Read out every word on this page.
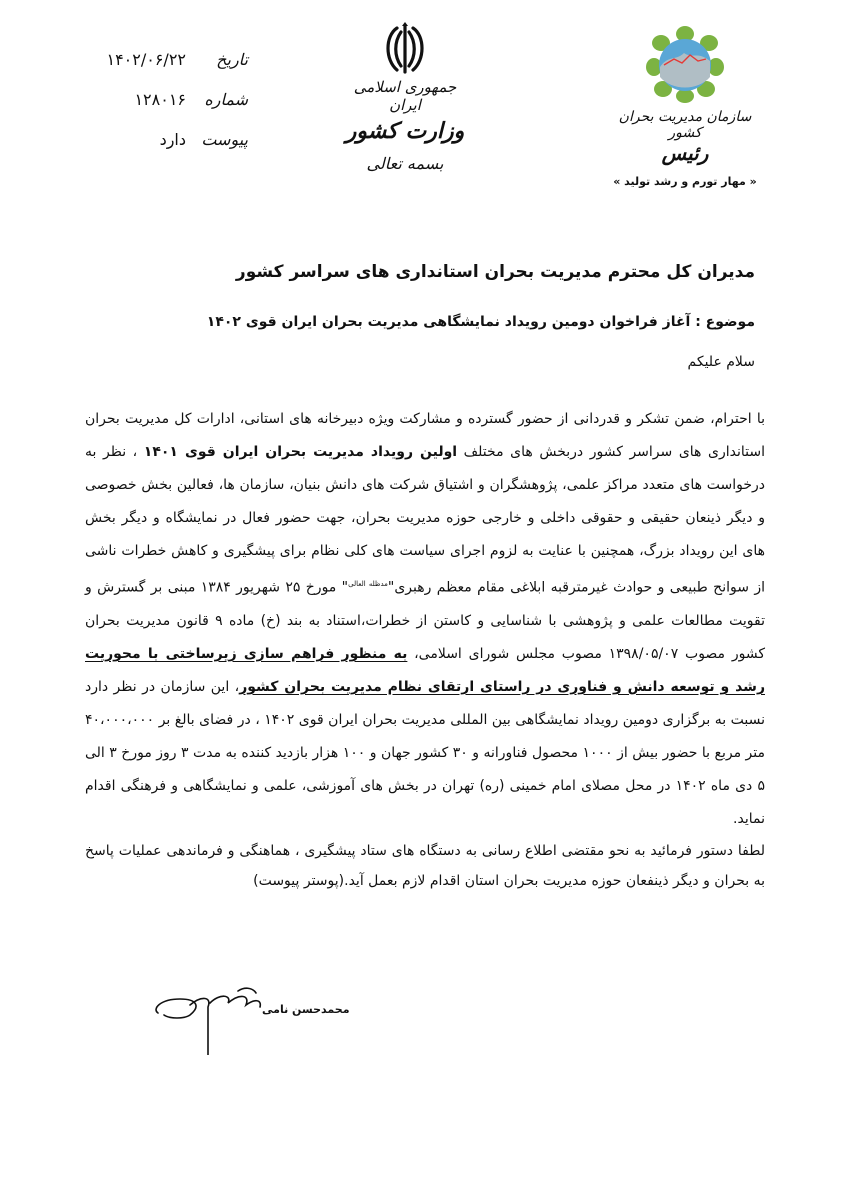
تاریخ
۱۴۰۲/۰۶/۲۲
شماره
۱۲۸۰۱۶
پیوست
دارد
جمهوری اسلامی ایران
وزارت کشور
بسمه تعالی
سازمان مدیریت بحران کشور
رئیس
« مهار تورم و رشد تولید »
مدیران کل محترم مدیریت بحران استانداری های سراسر کشور
موضوع : آغاز فراخوان دومین رویداد نمایشگاهی مدیریت بحران ایران قوی ۱۴۰۲
سلام علیکم
با احترام، ضمن تشکر و قدردانی از حضور گسترده و مشارکت ویژه دبیرخانه های استانی، ادارات کل مدیریت بحران استانداری های سراسر کشور دربخش های مختلف اولین رویداد مدیریت بحران ایران قوی ۱۴۰۱ ، نظر به درخواست های متعدد مراکز علمی، پژوهشگران و اشتیاق شرکت های دانش بنیان، سازمان ها، فعالین بخش خصوصی و دیگر ذینعان حقیقی و حقوقی داخلی و خارجی حوزه مدیریت بحران، جهت حضور فعال در نمایشگاه و دیگر بخش های این رویداد بزرگ، همچنین با عنایت به لزوم اجرای سیاست های کلی نظام برای پیشگیری و کاهش خطرات ناشی از سوانح طبیعی و حوادث غیرمترقبه ابلاغی مقام معظم رهبری"$^{مدظله العالی}$" مورخ ۲۵ شهریور ۱۳۸۴ مبنی بر گسترش و تقویت مطالعات علمی و پژوهشی با شناسایی و کاستن از خطرات،استناد به بند (خ) ماده ۹ قانون مدیریت بحران کشور مصوب ۱۳۹۸/۰۵/۰۷ مصوب مجلس شورای اسلامی، به منظور فراهم سازی زیرساختی با محوریت رشد و توسعه دانش و فناوری در راستای ارتقای نظام مدیریت بحران کشور، این سازمان در نظر دارد نسبت به برگزاری دومین رویداد نمایشگاهی بین المللی مدیریت بحران ایران قوی ۱۴۰۲ ، در فضای بالغ بر ۴۰،۰۰۰،۰۰۰ متر مربع با حضور بیش از ۱۰۰۰ محصول فناورانه و ۳۰ کشور جهان و ۱۰۰ هزار بازدید کننده به مدت ۳ روز مورخ ۳ الی ۵ دی ماه ۱۴۰۲ در محل مصلای امام خمینی (ره) تهران در بخش های آموزشی، علمی و نمایشگاهی و فرهنگی اقدام نماید.
لطفا دستور فرمائید به نحو مقتضی اطلاع رسانی به دستگاه های ستاد پیشگیری ، هماهنگی و فرماندهی عملیات پاسخ به بحران و دیگر ذینفعان حوزه مدیریت بحران استان اقدام لازم بعمل آید.(پوستر پیوست)
محمدحسن نامی
